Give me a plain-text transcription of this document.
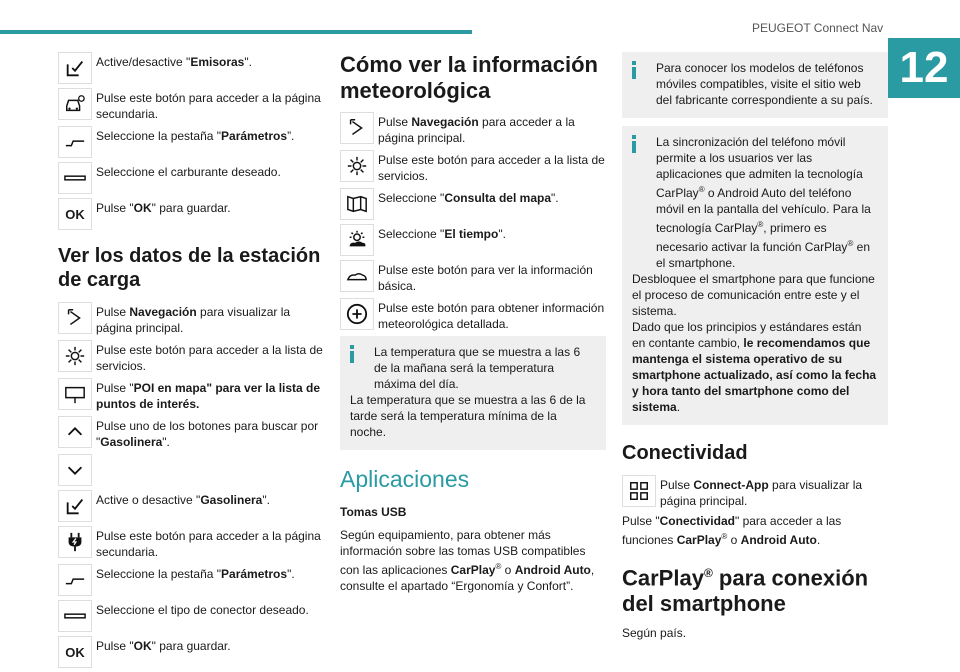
PEUGEOT Connect Nav
12
Active/desactive "Emisoras".
Pulse este botón para acceder a la página secundaria.
Seleccione la pestaña "Parámetros”.
Seleccione el carburante deseado.
OK Pulse "OK" para guardar.
Ver los datos de la estación de carga
Pulse Navegación para visualizar la página principal.
Pulse este botón para acceder a la lista de servicios.
Pulse "POI en mapa" para ver la lista de puntos de interés.
Pulse uno de los botones para buscar por "Gasolinera".
Active o desactive "Gasolinera".
Pulse este botón para acceder a la página secundaria.
Seleccione la pestaña "Parámetros".
Seleccione el tipo de conector deseado.
OK Pulse "OK" para guardar.
Cómo ver la información meteorológica
Pulse Navegación para acceder a la página principal.
Pulse este botón para acceder a la lista de servicios.
Seleccione "Consulta del mapa".
Seleccione "El tiempo".
Pulse este botón para ver la información básica.
Pulse este botón para obtener información meteorológica detallada.
La temperatura que se muestra a las 6 de la mañana será la temperatura máxima del día.
La temperatura que se muestra a las 6 de la tarde será la temperatura mínima de la noche.
Aplicaciones
Tomas USB
Según equipamiento, para obtener más información sobre las tomas USB compatibles con las aplicaciones CarPlay® o Android Auto, consulte el apartado “Ergonomía y Confort”.
Para conocer los modelos de teléfonos móviles compatibles, visite el sitio web del fabricante correspondiente a su país.
La sincronización del teléfono móvil permite a los usuarios ver las aplicaciones que admiten la tecnología CarPlay® o Android Auto del teléfono móvil en la pantalla del vehículo. Para la tecnología CarPlay®, primero es necesario activar la función CarPlay® en el smartphone.
Desbloquee el smartphone para que funcione el proceso de comunicación entre este y el sistema.
Dado que los principios y estándares están en contante cambio, le recomendamos que mantenga el sistema operativo de su smartphone actualizado, así como la fecha y hora tanto del smartphone como del sistema.
Conectividad
Pulse Connect-App para visualizar la página principal.
Pulse "Conectividad" para acceder a las funciones CarPlay® o Android Auto.
CarPlay® para conexión del smartphone
Según país.
